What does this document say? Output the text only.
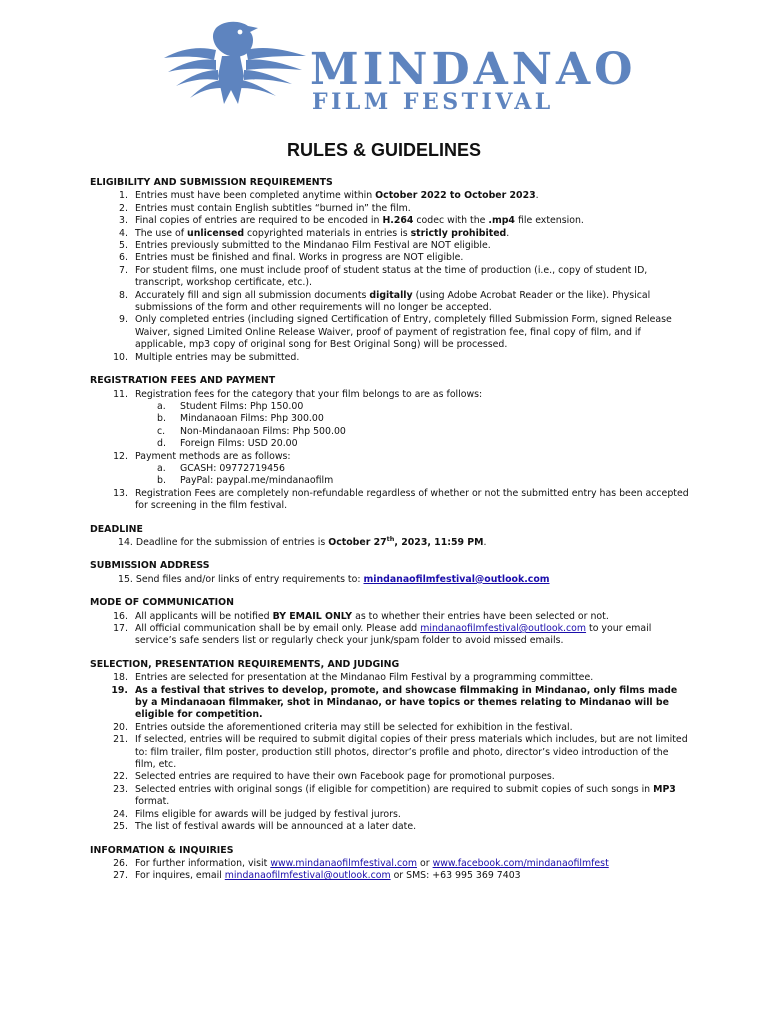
MINDANAO
FILM FESTIVAL
RULES & GUIDELINES
ELIGIBILITY AND SUBMISSION REQUIREMENTS
1. Entries must have been completed anytime within October 2022 to October 2023.
2. Entries must contain English subtitles “burned in” the film.
3. Final copies of entries are required to be encoded in H.264 codec with the .mp4 file extension.
4. The use of unlicensed copyrighted materials in entries is strictly prohibited.
5. Entries previously submitted to the Mindanao Film Festival are NOT eligible.
6. Entries must be finished and final. Works in progress are NOT eligible.
7. For student films, one must include proof of student status at the time of production (i.e., copy of student ID, transcript, workshop certificate, etc.).
8. Accurately fill and sign all submission documents digitally (using Adobe Acrobat Reader or the like). Physical submissions of the form and other requirements will no longer be accepted.
9. Only completed entries (including signed Certification of Entry, completely filled Submission Form, signed Release Waiver, signed Limited Online Release Waiver, proof of payment of registration fee, final copy of film, and if applicable, mp3 copy of original song for Best Original Song) will be processed.
10. Multiple entries may be submitted.
REGISTRATION FEES AND PAYMENT
11. Registration fees for the category that your film belongs to are as follows:
a. Student Films: Php 150.00
b. Mindanaoan Films: Php 300.00
c. Non-Mindanaoan Films: Php 500.00
d. Foreign Films: USD 20.00
12. Payment methods are as follows:
a. GCASH: 09772719456
b. PayPal: paypal.me/mindanaofilm
13. Registration Fees are completely non-refundable regardless of whether or not the submitted entry has been accepted for screening in the film festival.
DEADLINE
14. Deadline for the submission of entries is October 27th, 2023, 11:59 PM.
SUBMISSION ADDRESS
15. Send files and/or links of entry requirements to: mindanaofilmfestival@outlook.com
MODE OF COMMUNICATION
16. All applicants will be notified BY EMAIL ONLY as to whether their entries have been selected or not.
17. All official communication shall be by email only. Please add mindanaofilmfestival@outlook.com to your email service’s safe senders list or regularly check your junk/spam folder to avoid missed emails.
SELECTION, PRESENTATION REQUIREMENTS, AND JUDGING
18. Entries are selected for presentation at the Mindanao Film Festival by a programming committee.
19. As a festival that strives to develop, promote, and showcase filmmaking in Mindanao, only films made by a Mindanaoan filmmaker, shot in Mindanao, or have topics or themes relating to Mindanao will be eligible for competition.
20. Entries outside the aforementioned criteria may still be selected for exhibition in the festival.
21. If selected, entries will be required to submit digital copies of their press materials which includes, but are not limited to: film trailer, film poster, production still photos, director’s profile and photo, director’s video introduction of the film, etc.
22. Selected entries are required to have their own Facebook page for promotional purposes.
23. Selected entries with original songs (if eligible for competition) are required to submit copies of such songs in MP3 format.
24. Films eligible for awards will be judged by festival jurors.
25. The list of festival awards will be announced at a later date.
INFORMATION & INQUIRIES
26. For further information, visit www.mindanaofilmfestival.com or www.facebook.com/mindanaofilmfest
27. For inquires, email mindanaofilmfestival@outlook.com or SMS: +63 995 369 7403
